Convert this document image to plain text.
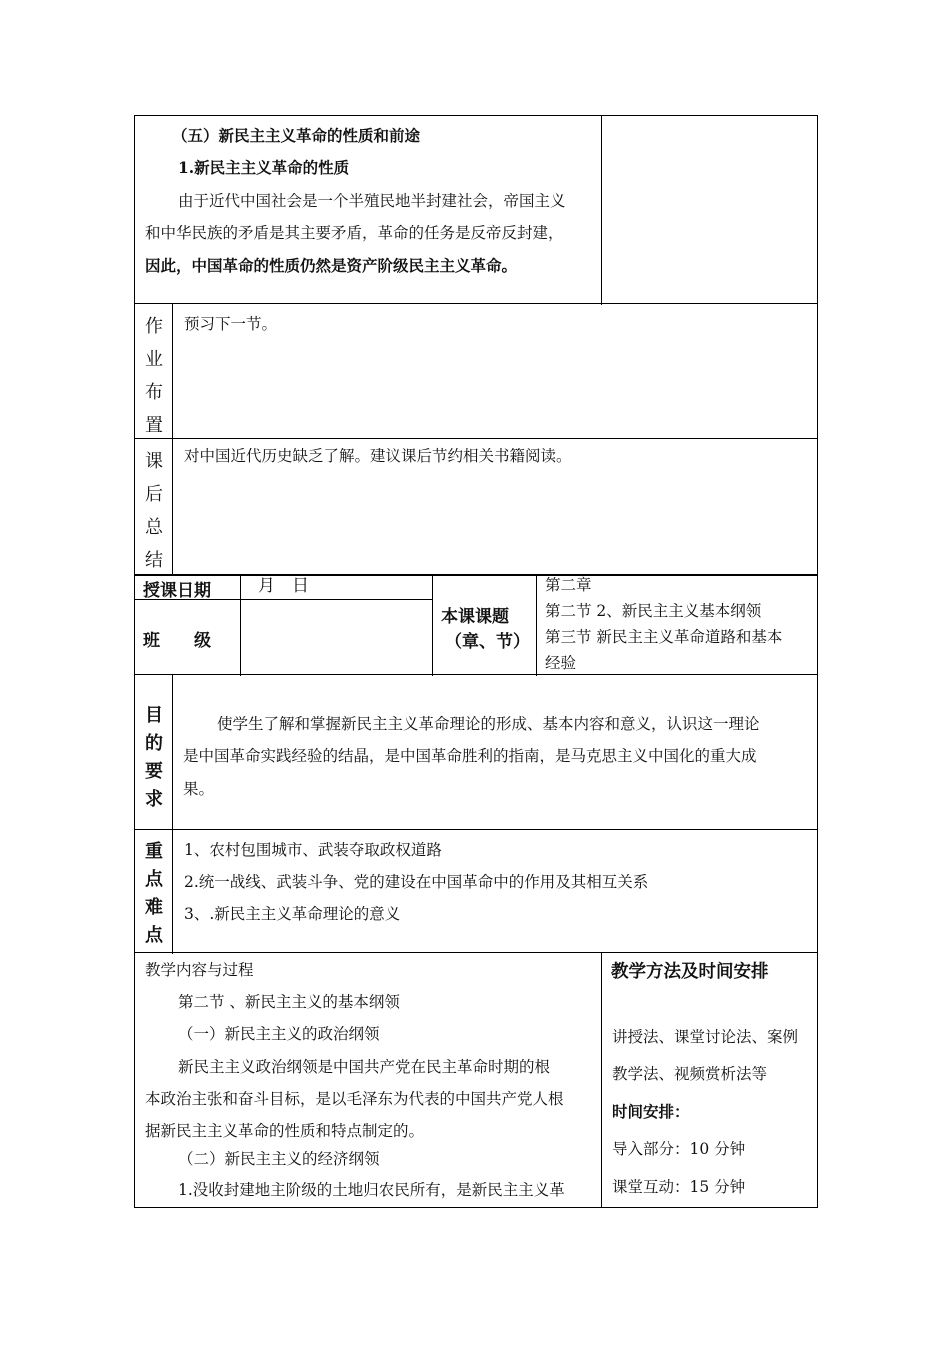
（五）新民主主义革命的性质和前途
1.新民主主义革命的性质
由于近代中国社会是一个半殖民地半封建社会，帝国主义
和中华民族的矛盾是其主要矛盾，革命的任务是反帝反封建，
因此，中国革命的性质仍然是资产阶级民主主义革命。
作
业
布
置
预习下一节。
课
后
总
结
对中国近代历史缺乏了解。建议课后节约相关书籍阅读。
授课日期	月　日
班　　级
本课课题
（章、节）
第二章
第二节 2、新民主主义基本纲领
第三节 新民主主义革命道路和基本
经验
目
的
要
求
使学生了解和掌握新民主主义革命理论的形成、基本内容和意义，认识这一理论
是中国革命实践经验的结晶，是中国革命胜利的指南，是马克思主义中国化的重大成
果。
重
点
难
点
1、农村包围城市、武装夺取政权道路
2.统一战线、武装斗争、党的建设在中国革命中的作用及其相互关系
3、.新民主主义革命理论的意义
教学内容与过程
第二节 、新民主主义的基本纲领
（一）新民主主义的政治纲领
新民主主义政治纲领是中国共产党在民主革命时期的根
本政治主张和奋斗目标，是以毛泽东为代表的中国共产党人根
据新民主主义革命的性质和特点制定的。
（二）新民主主义的经济纲领
1.没收封建地主阶级的土地归农民所有，是新民主主义革
教学方法及时间安排
讲授法、课堂讨论法、案例
教学法、视频赏析法等
时间安排：
导入部分：10 分钟
课堂互动：15 分钟
